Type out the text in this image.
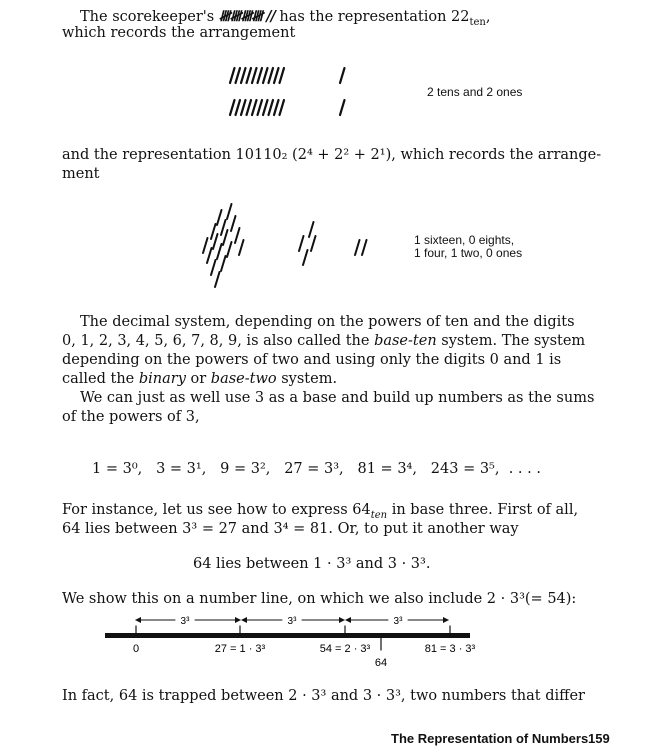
The scorekeeper's 𝍸𝍸𝍸𝍸 // has the representation $22_{ten}$,
which records the arrangement
2 tens and 2 ones
and the representation 10110₂ (2⁴ + 2² + 2¹), which records the arrange-
ment
1 sixteen, 0 eights,
1 four, 1 two, 0 ones
The decimal system, depending on the powers of ten and the digits
0, 1, 2, 3, 4, 5, 6, 7, 8, 9, is also called the base-ten system. The system
depending on the powers of two and using only the digits 0 and 1 is
called the binary or base-two system.
We can just as well use 3 as a base and build up numbers as the sums
of the powers of 3,
1 = 3⁰,   3 = 3¹,   9 = 3²,   27 = 3³,   81 = 3⁴,   243 = 3⁵,  . . . .
For instance, let us see how to express $64_{ten}$ in base three. First of all,
64 lies between 3³ = 27 and 3⁴ = 81. Or, to put it another way
64 lies between 1 · 3³ and 3 · 3³.
We show this on a number line, on which we also include 2 · 3³(= 54):
3³	3³	3³
0	27 = 1 · 3³	54 = 2 · 3³	81 = 3 · 3³
64
In fact, 64 is trapped between 2 · 3³ and 3 · 3³, two numbers that differ
The Representation of Numbers 159
